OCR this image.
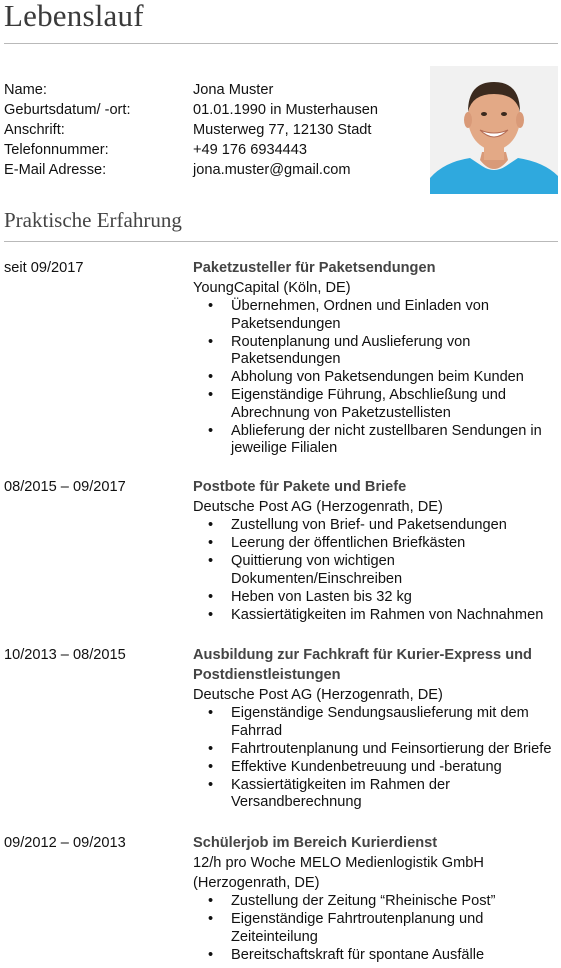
Lebenslauf
Name:	Jona Muster
Geburtsdatum/ -ort:	01.01.1990 in Musterhausen
Anschrift:	Musterweg 77, 12130 Stadt
Telefonnummer:	+49 176 6934443
E-Mail Adresse:	jona.muster@gmail.com
Praktische Erfahrung
seit 09/2017	Paketzusteller für Paketsendungen
YoungCapital (Köln, DE)
• Übernehmen, Ordnen und Einladen von Paketsendungen
• Routenplanung und Auslieferung von Paketsendungen
• Abholung von Paketsendungen beim Kunden
• Eigenständige Führung, Abschließung und Abrechnung von Paketzustellisten
• Ablieferung der nicht zustellbaren Sendungen in jeweilige Filialen
08/2015 – 09/2017	Postbote für Pakete und Briefe
Deutsche Post AG (Herzogenrath, DE)
• Zustellung von Brief- und Paketsendungen
• Leerung der öffentlichen Briefkästen
• Quittierung von wichtigen Dokumenten/Einschreiben
• Heben von Lasten bis 32 kg
• Kassiertätigkeiten im Rahmen von Nachnahmen
10/2013 – 08/2015	Ausbildung zur Fachkraft für Kurier-Express und Postdienstleistungen
Deutsche Post AG (Herzogenrath, DE)
• Eigenständige Sendungsauslieferung mit dem Fahrrad
• Fahrtroutenplanung und Feinsortierung der Briefe
• Effektive Kundenbetreuung und -beratung
• Kassiertätigkeiten im Rahmen der Versandberechnung
09/2012 – 09/2013	Schülerjob im Bereich Kurierdienst
12/h pro Woche MELO Medienlogistik GmbH (Herzogenrath, DE)
• Zustellung der Zeitung “Rheinische Post”
• Eigenständige Fahrtroutenplanung und Zeiteinteilung
• Bereitschaftskraft für spontane Ausfälle
